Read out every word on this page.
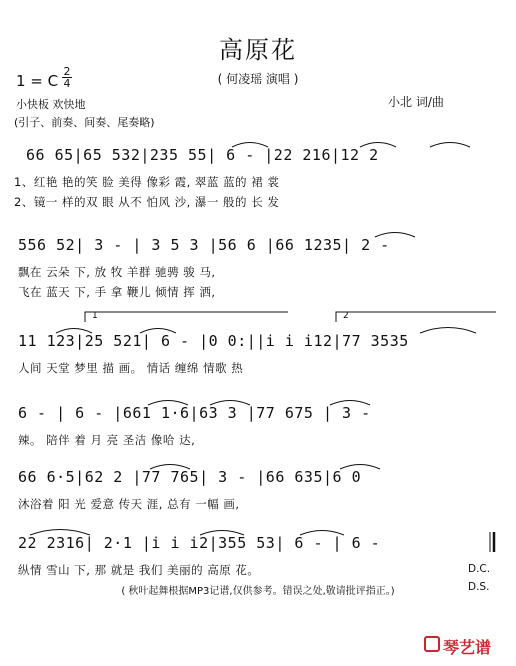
高原花
( 何凌瑶 演唱 )
1 = C
2
4
小快板 欢快地
(引子、前奏、间奏、尾奏略)
小北 词/曲
66 65|65 532|235 55| 6 - |22 216|12 2
1、红艳 艳的笑 脸 美得 像彩 霞, 翠蓝 蓝的 裙 裳
2、镜一 样的双 眼 从不 怕风 沙, 瀑一 般的 长 发
556 52| 3 - | 3 5 3 |56 6 |66 1235| 2 -
飘在 云朵 下, 放 牧 羊群 驰骋 骏 马,
飞在 蓝天 下, 手 拿 鞭儿 倾情 挥 洒,
1	2
11 123|25 521| 6 - |0 0:||i i i12|77 3535
人间 天堂 梦里 描 画。 情话 缠绵 情歌 热
6 - | 6 - |661 1·6|63 3 |77 675 | 3 -
辣。 陪伴 着 月 亮 圣洁 像哈 达,
66 6·5|62 2 |77 765| 3 - |66 635|6 0
沐浴着 阳 光 爱意 传天 涯, 总有 一幅 画,
22 2316| 2·1 |i i i2|355 53| 6 - | 6 -
纵情 雪山 下, 那 就是 我们 美丽的 高原 花。	D.C.
D.S.
( 秋叶起舞根据MP3记谱,仅供参考。错误之处,敬请批评指正。)
琴艺谱
